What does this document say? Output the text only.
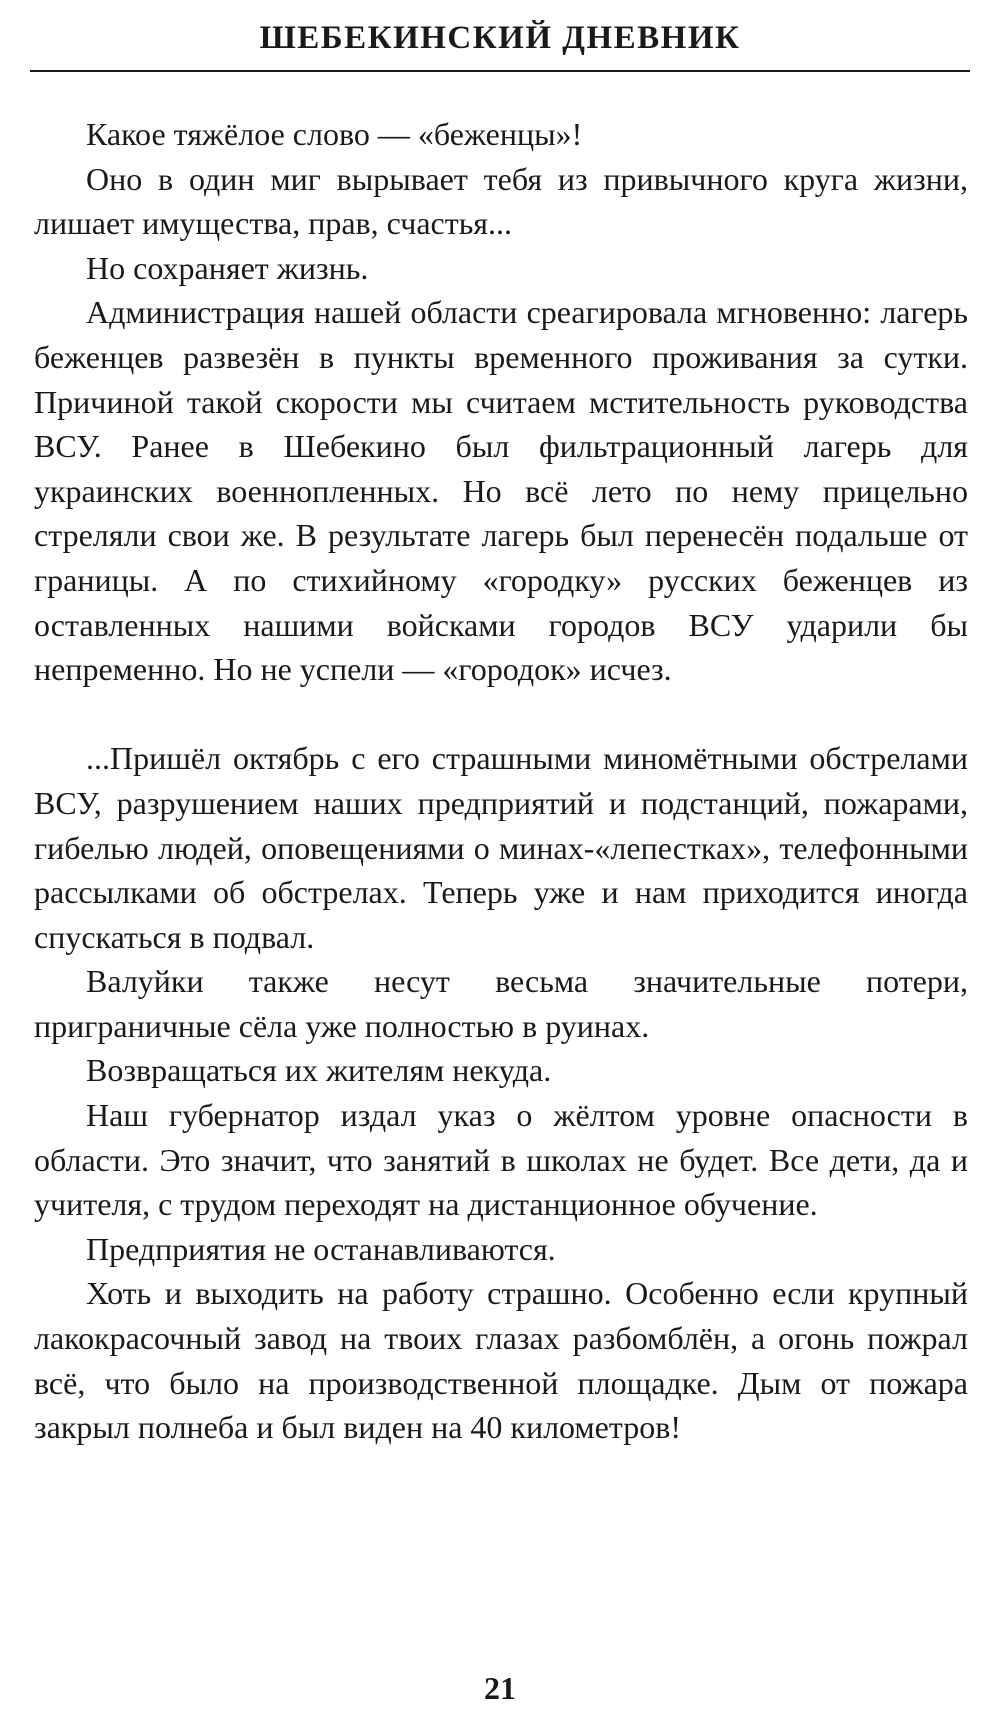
ШЕБЕКИНСКИЙ ДНЕВНИК

Какое тяжёлое слово — «беженцы»!

Оно в один миг вырывает тебя из привычного круга жизни, лишает имущества, прав, счастья...

Но сохраняет жизнь.

Администрация нашей области среагировала мгновенно: лагерь беженцев развезён в пункты временного проживания за сутки. Причиной такой скорости мы считаем мстительность руководства ВСУ. Ранее в Шебекино был фильтрационный лагерь для украинских военнопленных. Но всё лето по нему прицельно стреляли свои же. В результате лагерь был перенесён подальше от границы. А по стихийному «городку» русских беженцев из оставленных нашими войсками городов ВСУ ударили бы непременно. Но не успели — «городок» исчез.

...Пришёл октябрь с его страшными миномётными обстрелами ВСУ, разрушением наших предприятий и подстанций, пожарами, гибелью людей, оповещениями о минах-«лепестках», телефонными рассылками об обстрелах. Теперь уже и нам приходится иногда спускаться в подвал.

Валуйки также несут весьма значительные потери, приграничные сёла уже полностью в руинах.

Возвращаться их жителям некуда.

Наш губернатор издал указ о жёлтом уровне опасности в области. Это значит, что занятий в школах не будет. Все дети, да и учителя, с трудом переходят на дистанционное обучение.

Предприятия не останавливаются.

Хоть и выходить на работу страшно. Особенно если крупный лакокрасочный завод на твоих глазах разбомблён, а огонь пожрал всё, что было на производственной площадке. Дым от пожара закрыл полнеба и был виден на 40 километров!

21
